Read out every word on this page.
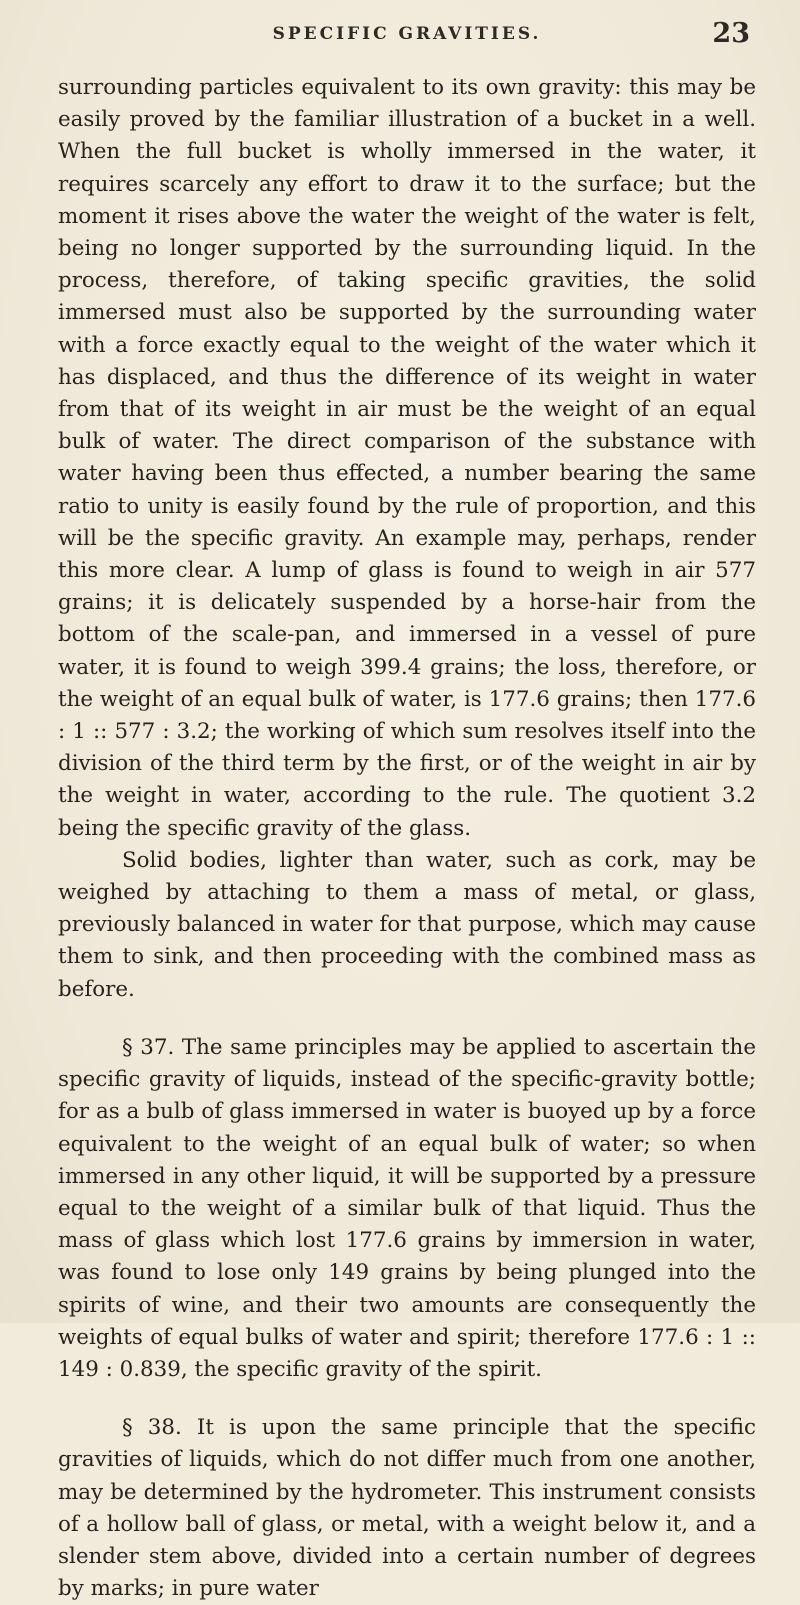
SPECIFIC GRAVITIES.	23

surrounding particles equivalent to its own gravity: this may be easily proved by the familiar illustration of a bucket in a well. When the full bucket is wholly immersed in the water, it requires scarcely any effort to draw it to the surface; but the moment it rises above the water the weight of the water is felt, being no longer supported by the surrounding liquid. In the process, therefore, of taking specific gravities, the solid immersed must also be supported by the surrounding water with a force exactly equal to the weight of the water which it has displaced, and thus the difference of its weight in water from that of its weight in air must be the weight of an equal bulk of water. The direct comparison of the substance with water having been thus effected, a number bearing the same ratio to unity is easily found by the rule of proportion, and this will be the specific gravity. An example may, perhaps, render this more clear. A lump of glass is found to weigh in air 577 grains; it is delicately suspended by a horse-hair from the bottom of the scale-pan, and immersed in a vessel of pure water, it is found to weigh 399.4 grains; the loss, therefore, or the weight of an equal bulk of water, is 177.6 grains; then 177.6 : 1 :: 577 : 3.2; the working of which sum resolves itself into the division of the third term by the first, or of the weight in air by the weight in water, according to the rule. The quotient 3.2 being the specific gravity of the glass.

Solid bodies, lighter than water, such as cork, may be weighed by attaching to them a mass of metal, or glass, previously balanced in water for that purpose, which may cause them to sink, and then proceeding with the combined mass as before.

§ 37. The same principles may be applied to ascertain the specific gravity of liquids, instead of the specific-gravity bottle; for as a bulb of glass immersed in water is buoyed up by a force equivalent to the weight of an equal bulk of water; so when immersed in any other liquid, it will be supported by a pressure equal to the weight of a similar bulk of that liquid. Thus the mass of glass which lost 177.6 grains by immersion in water, was found to lose only 149 grains by being plunged into the spirits of wine, and their two amounts are consequently the weights of equal bulks of water and spirit; therefore 177.6 : 1 :: 149 : 0.839, the specific gravity of the spirit.

§ 38. It is upon the same principle that the specific gravities of liquids, which do not differ much from one another, may be determined by the hydrometer. This instrument consists of a hollow ball of glass, or metal, with a weight below it, and a slender stem above, divided into a certain number of degrees by marks; in pure water
